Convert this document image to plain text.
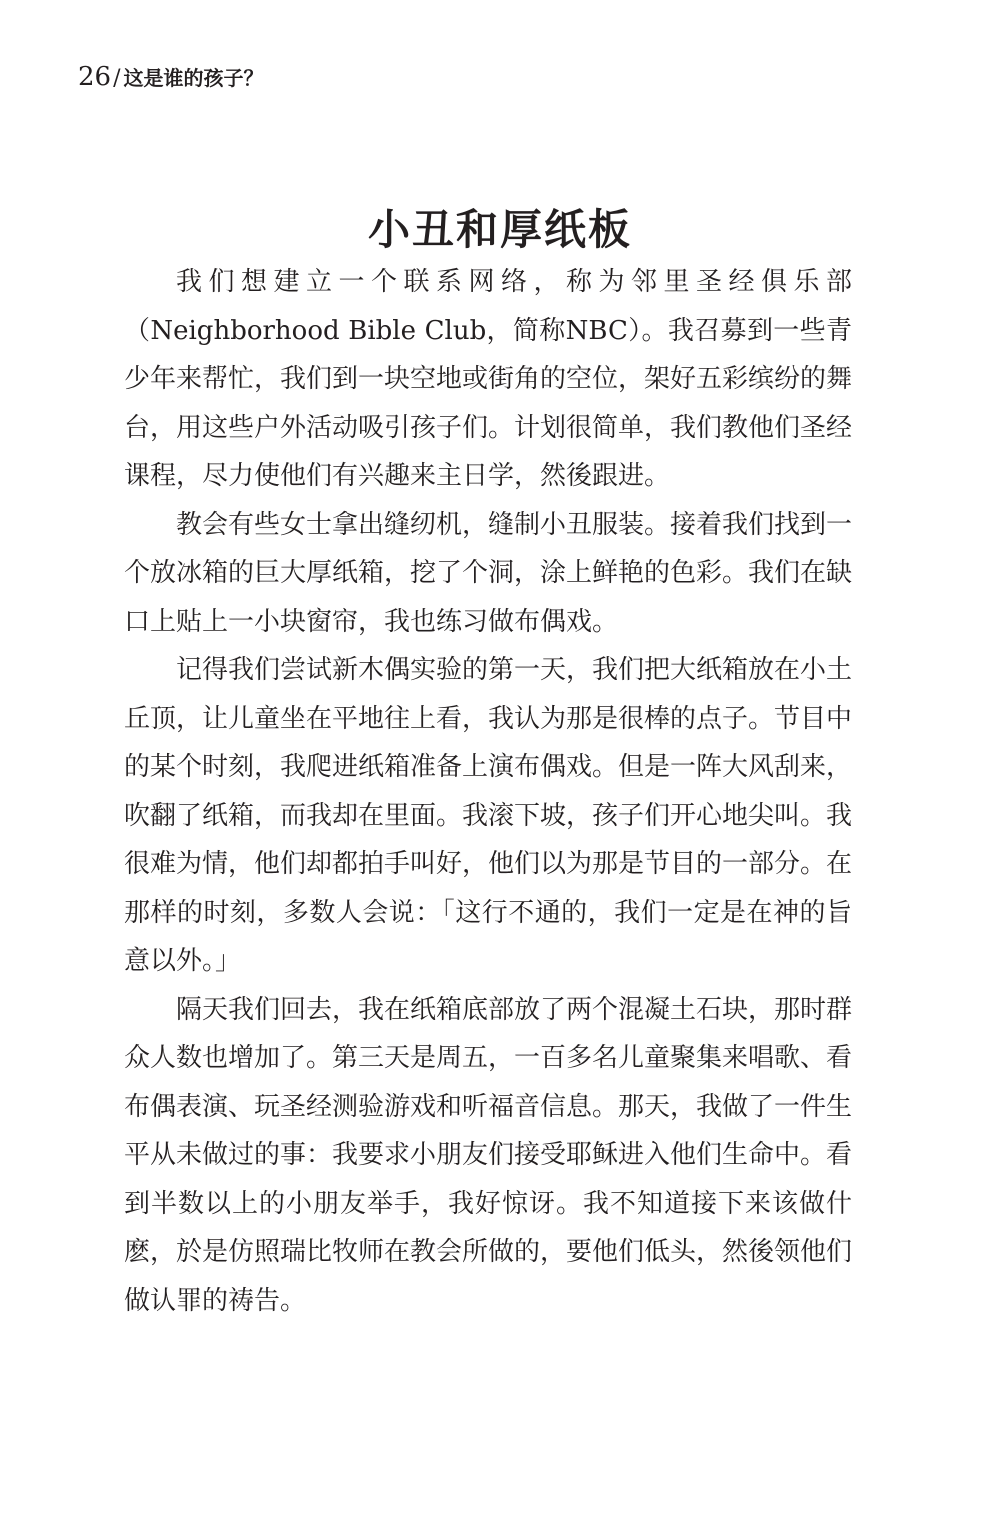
26 / 这是谁的孩子？
小丑和厚纸板

我们想建立一个联系网络，称为邻里圣经俱乐部（Neighborhood Bible Club，简称NBC）。我召募到一些青少年来帮忙，我们到一块空地或街角的空位，架好五彩缤纷的舞台，用这些户外活动吸引孩子们。计划很简单，我们教他们圣经课程，尽力使他们有兴趣来主日学，然後跟进。

教会有些女士拿出缝纫机，缝制小丑服装。接着我们找到一个放冰箱的巨大厚纸箱，挖了个洞，涂上鲜艳的色彩。我们在缺口上贴上一小块窗帘，我也练习做布偶戏。

记得我们尝试新木偶实验的第一天，我们把大纸箱放在小土丘顶，让儿童坐在平地往上看，我认为那是很棒的点子。节目中的某个时刻，我爬进纸箱准备上演布偶戏。但是一阵大风刮来，吹翻了纸箱，而我却在里面。我滚下坡，孩子们开心地尖叫。我很难为情，他们却都拍手叫好，他们以为那是节目的一部分。在那样的时刻，多数人会说：「这行不通的，我们一定是在神的旨意以外。」

隔天我们回去，我在纸箱底部放了两个混凝土石块，那时群众人数也增加了。第三天是周五，一百多名儿童聚集来唱歌、看布偶表演、玩圣经测验游戏和听福音信息。那天，我做了一件生平从未做过的事：我要求小朋友们接受耶稣进入他们生命中。看到半数以上的小朋友举手，我好惊讶。我不知道接下来该做什麽，於是仿照瑞比牧师在教会所做的，要他们低头，然後领他们做认罪的祷告。
